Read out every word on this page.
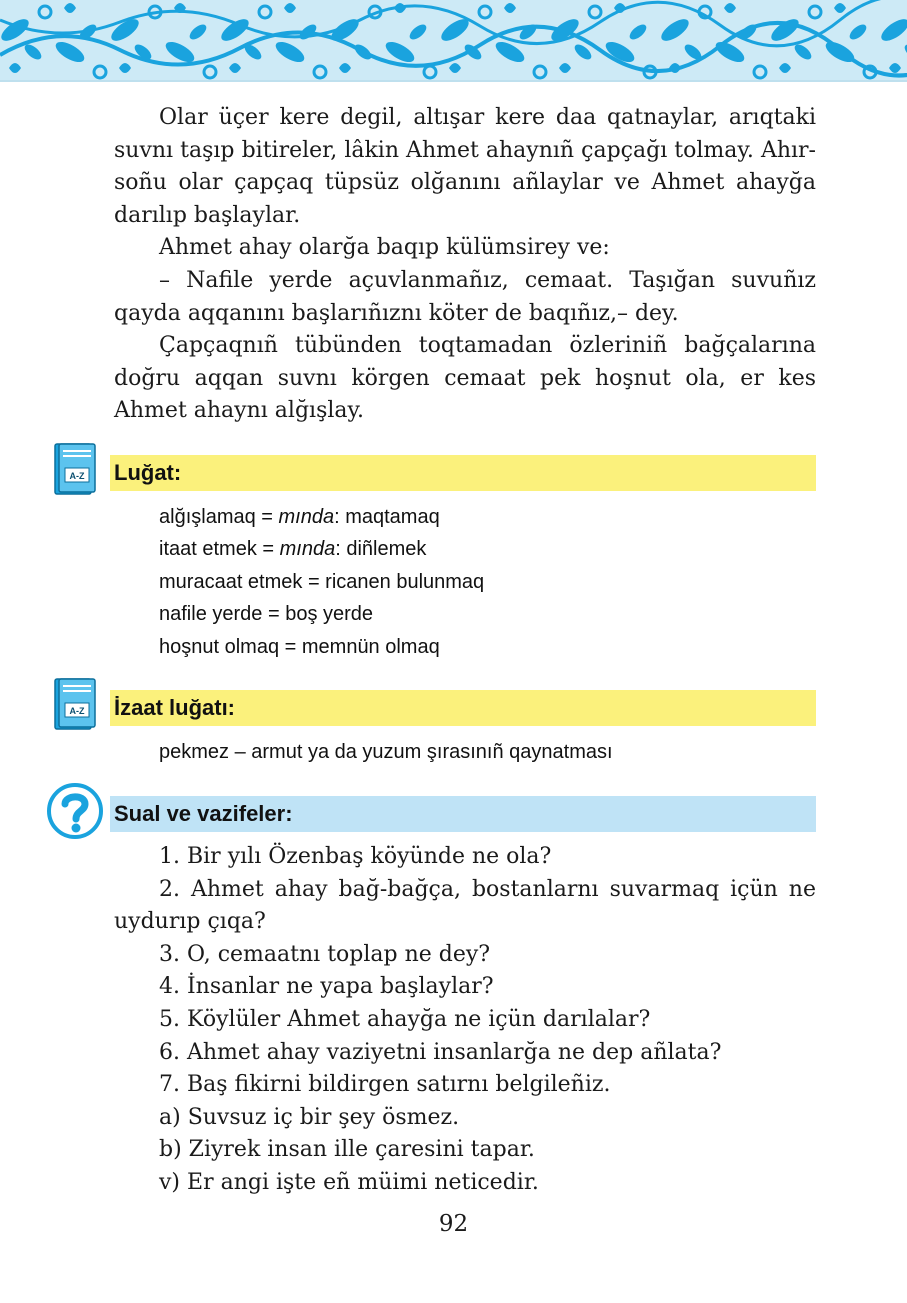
Olar üçer kere degil, altışar kere daa qatnaylar, arıqtaki suvnı taşıp bitireler, lâkin Ahmet ahaynıñ çapçağı tolmay. Ahır-soñu olar çapçaq tüpsüz olğanını añlaylar ve Ahmet ahayğa darılıp başlaylar.

Ahmet ahay olarğa baqıp külümsirey ve:

– Nafile yerde açuvlanmañız, cemaat. Taşığan suvuñız qayda aqqanını başlarıñıznı köter de baqıñız,– dey.

Çapçaqnıñ tübünden toqtamadan özleriniñ bağçalarına doğru aqqan suvnı körgen cemaat pek hoşnut ola, er kes Ahmet ahaynı alğışlay.

A-Z Luğat:
alğışlamaq = mında: maqtamaq
itaat etmek = mında: diñlemek
muracaat etmek = ricanen bulunmaq
nafile yerde = boş yerde
hoşnut olmaq = memnün olmaq
A-Z İzaat luğatı:
pekmez – armut ya da yuzum şırasınıñ qaynatması
Sual ve vazifeler:

1. Bir yılı Özenbaş köyünde ne ola?

2. Ahmet ahay bağ-bağça, bostanlarnı suvarmaq içün ne uydurıp çıqa?

3. O, cemaatnı toplap ne dey?

4. İnsanlar ne yapa başlaylar?

5. Köylüler Ahmet ahayğa ne içün darılalar?

6. Ahmet ahay vaziyetni insanlarğa ne dep añlata?

7. Baş fikirni bildirgen satırnı belgileñiz.

a) Suvsuz iç bir şey ösmez.

b) Ziyrek insan ille çaresini tapar.

v) Er angi işte eñ müimi neticedir.

92
